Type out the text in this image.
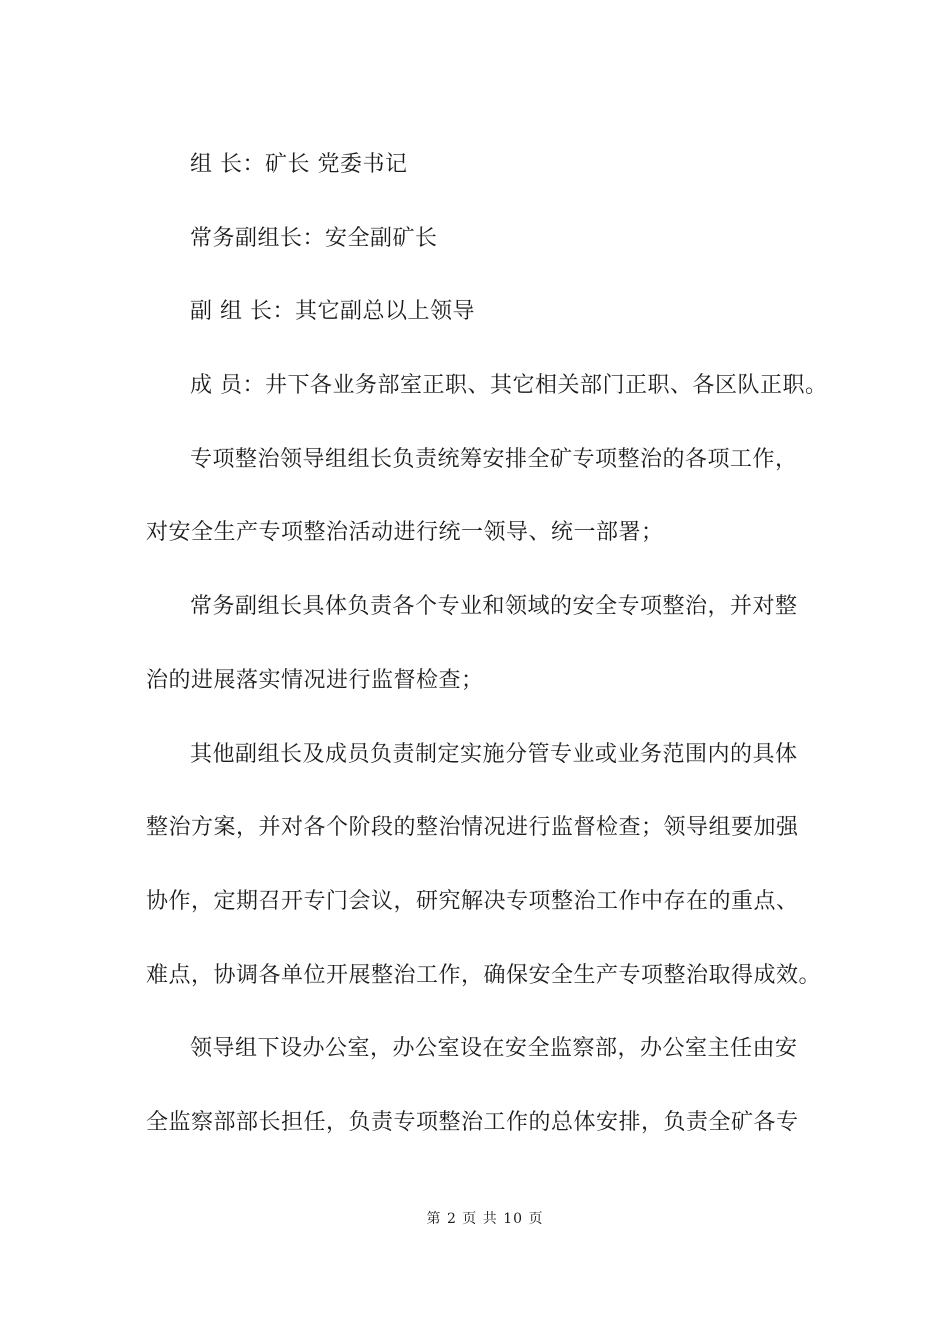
组 长：矿长 党委书记
常务副组长：安全副矿长
副 组 长：其它副总以上领导
成 员：井下各业务部室正职、其它相关部门正职、各区队正职。
专项整治领导组组长负责统筹安排全矿专项整治的各项工作，
对安全生产专项整治活动进行统一领导、统一部署；
常务副组长具体负责各个专业和领域的安全专项整治，并对整
治的进展落实情况进行监督检查；
其他副组长及成员负责制定实施分管专业或业务范围内的具体
整治方案，并对各个阶段的整治情况进行监督检查；领导组要加强
协作，定期召开专门会议，研究解决专项整治工作中存在的重点、
难点，协调各单位开展整治工作，确保安全生产专项整治取得成效。
领导组下设办公室，办公室设在安全监察部，办公室主任由安
全监察部部长担任，负责专项整治工作的总体安排，负责全矿各专
第 2 页 共 10 页
